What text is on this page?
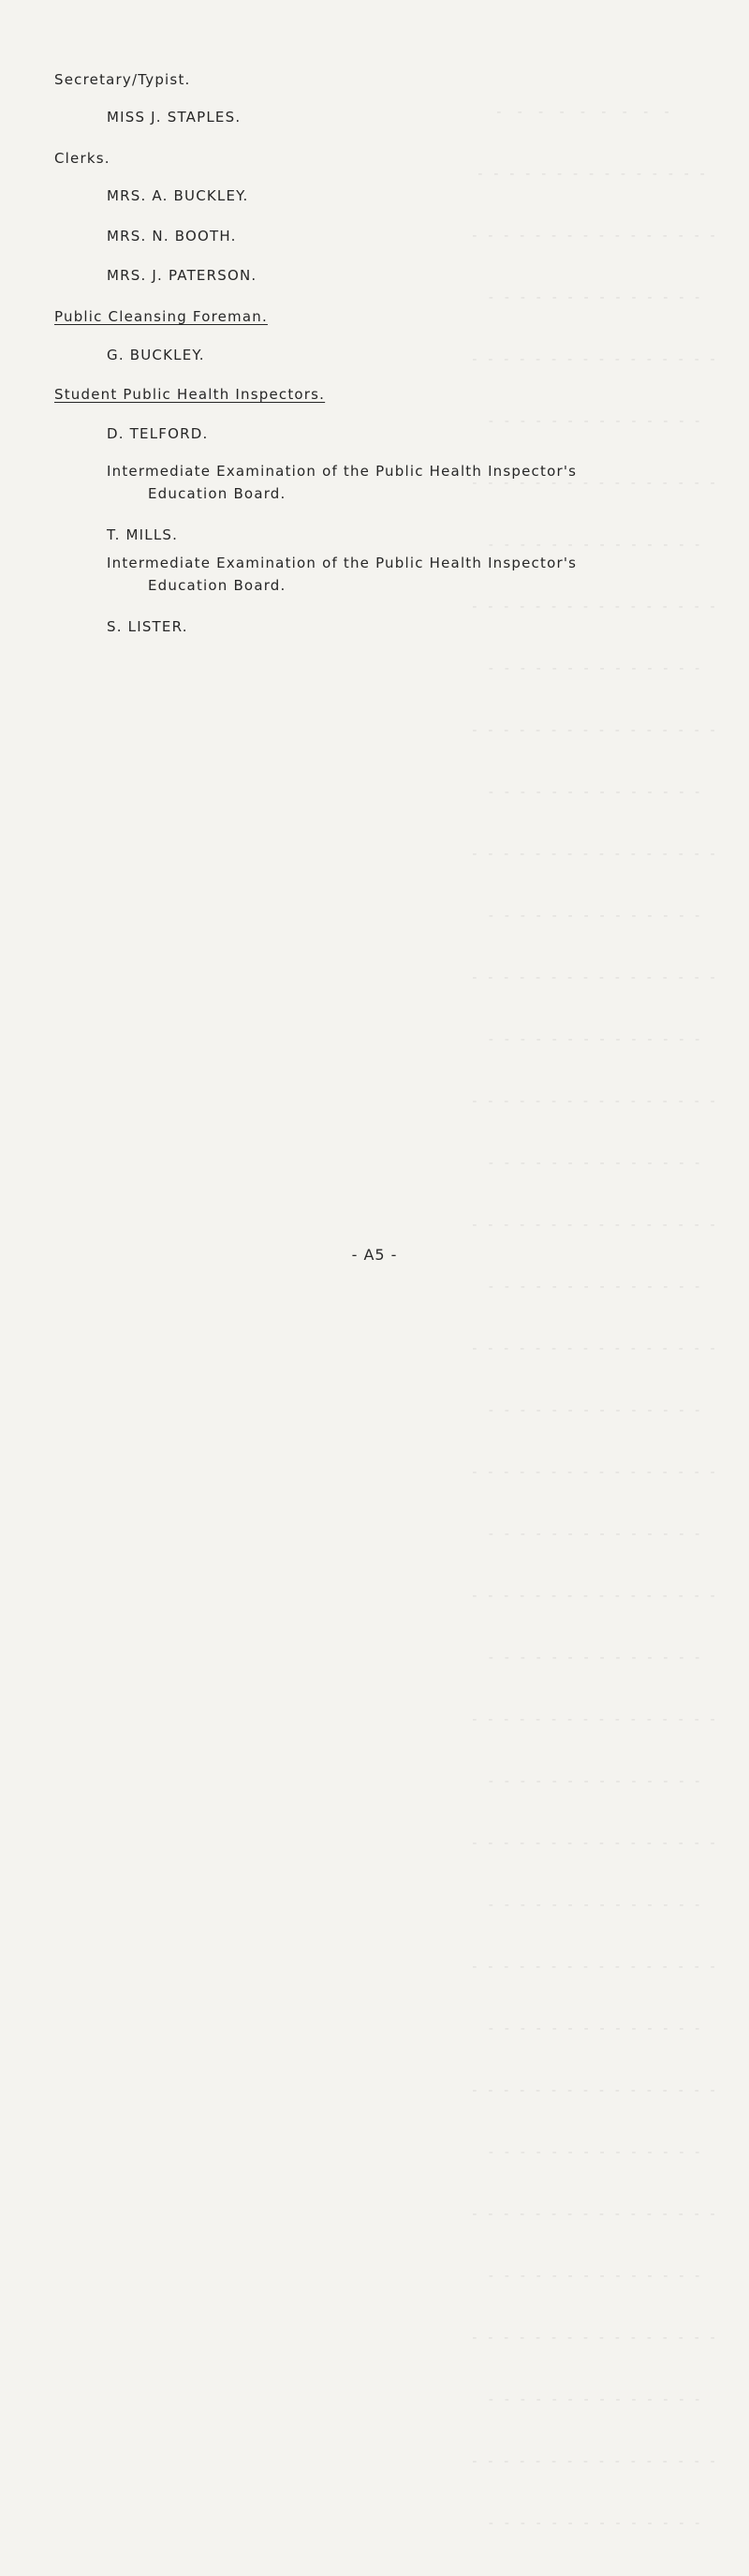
-   -   -   -   -   -   -   -   -

-  -  -  -  -  -  -  -  -  -  -  -  -  -  -

-  -  -  -  -  -  -  -  -  -  -  -  -  -  -  -

-  -  -  -  -  -  -  -  -  -  -  -  -  -

-  -  -  -  -  -  -  -  -  -  -  -  -  -  -  -

-  -  -  -  -  -  -  -  -  -  -  -  -  -

-  -  -  -  -  -  -  -  -  -  -  -  -  -  -  -

-  -  -  -  -  -  -  -  -  -  -  -  -  -

-  -  -  -  -  -  -  -  -  -  -  -  -  -  -  -

-  -  -  -  -  -  -  -  -  -  -  -  -  -

-  -  -  -  -  -  -  -  -  -  -  -  -  -  -  -

-  -  -  -  -  -  -  -  -  -  -  -  -  -

-  -  -  -  -  -  -  -  -  -  -  -  -  -  -  -

-  -  -  -  -  -  -  -  -  -  -  -  -  -

-  -  -  -  -  -  -  -  -  -  -  -  -  -  -  -

-  -  -  -  -  -  -  -  -  -  -  -  -  -

-  -  -  -  -  -  -  -  -  -  -  -  -  -  -  -

-  -  -  -  -  -  -  -  -  -  -  -  -  -

-  -  -  -  -  -  -  -  -  -  -  -  -  -  -  -

-  -  -  -  -  -  -  -  -  -  -  -  -  -

-  -  -  -  -  -  -  -  -  -  -  -  -  -  -  -

-  -  -  -  -  -  -  -  -  -  -  -  -  -

-  -  -  -  -  -  -  -  -  -  -  -  -  -  -  -

-  -  -  -  -  -  -  -  -  -  -  -  -  -

-  -  -  -  -  -  -  -  -  -  -  -  -  -  -  -

-  -  -  -  -  -  -  -  -  -  -  -  -  -

-  -  -  -  -  -  -  -  -  -  -  -  -  -  -  -

-  -  -  -  -  -  -  -  -  -  -  -  -  -

-  -  -  -  -  -  -  -  -  -  -  -  -  -  -  -

-  -  -  -  -  -  -  -  -  -  -  -  -  -

-  -  -  -  -  -  -  -  -  -  -  -  -  -  -  -

-  -  -  -  -  -  -  -  -  -  -  -  -  -

-  -  -  -  -  -  -  -  -  -  -  -  -  -  -  -

-  -  -  -  -  -  -  -  -  -  -  -  -  -

-  -  -  -  -  -  -  -  -  -  -  -  -  -  -  -

-  -  -  -  -  -  -  -  -  -  -  -  -  -

-  -  -  -  -  -  -  -  -  -  -  -  -  -  -  -

-  -  -  -  -  -  -  -  -  -  -  -  -  -

-  -  -  -  -  -  -  -  -  -  -  -  -  -  -  -

-  -  -  -  -  -  -  -  -  -  -  -  -  -

Secretary/Typist.
MISS J. STAPLES.
Clerks.
MRS. A. BUCKLEY.
MRS. N. BOOTH.
MRS. J. PATERSON.
Public Cleansing Foreman.
G. BUCKLEY.
Student Public Health Inspectors.
D. TELFORD.
Intermediate Examination of the Public Health Inspector's
Education Board.
T. MILLS.
Intermediate Examination of the Public Health Inspector's
Education Board.
S. LISTER.
- A5 -
